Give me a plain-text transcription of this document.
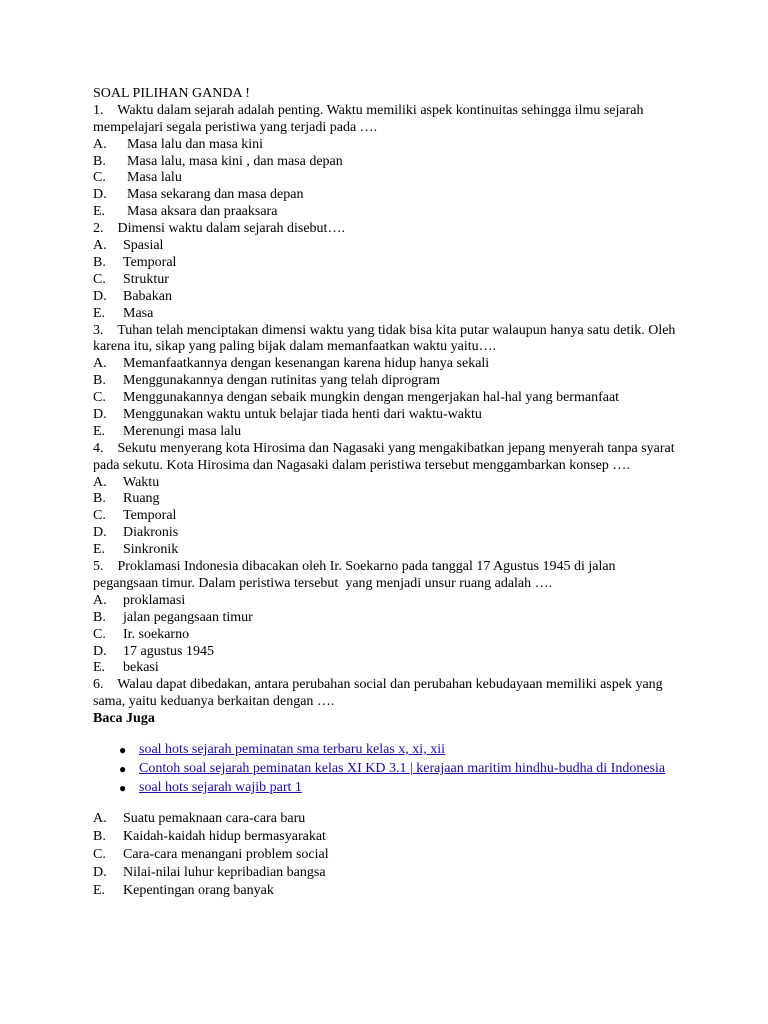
SOAL PILIHAN GANDA !
1. Waktu dalam sejarah adalah penting. Waktu memiliki aspek kontinuitas sehingga ilmu sejarah mempelajari segala peristiwa yang terjadi pada ….
A.	Masa lalu dan masa kini
B.	Masa lalu, masa kini , dan masa depan
C.	Masa lalu
D.	Masa sekarang dan masa depan
E.	Masa aksara dan praaksara
2. Dimensi waktu dalam sejarah disebut….
A.	Spasial
B.	Temporal
C.	Struktur
D.	Babakan
E.	Masa
3. Tuhan telah menciptakan dimensi waktu yang tidak bisa kita putar walaupun hanya satu detik. Oleh karena itu, sikap yang paling bijak dalam memanfaatkan waktu yaitu….
A.	Memanfaatkannya dengan kesenangan karena hidup hanya sekali
B.	Menggunakannya dengan rutinitas yang telah diprogram
C.	Menggunakannya dengan sebaik mungkin dengan mengerjakan hal-hal yang bermanfaat
D.	Menggunakan waktu untuk belajar tiada henti dari waktu-waktu
E.	Merenungi masa lalu
4. Sekutu menyerang kota Hirosima dan Nagasaki yang mengakibatkan jepang menyerah tanpa syarat pada sekutu. Kota Hirosima dan Nagasaki dalam peristiwa tersebut menggambarkan konsep ….
A.	Waktu
B.	Ruang
C.	Temporal
D.	Diakronis
E.	Sinkronik
5. Proklamasi Indonesia dibacakan oleh Ir. Soekarno pada tanggal 17 Agustus 1945 di jalan pegangsaan timur. Dalam peristiwa tersebut  yang menjadi unsur ruang adalah ….
A.	proklamasi
B.	jalan pegangsaan timur
C.	Ir. soekarno
D.	17 agustus 1945
E.	bekasi
6. Walau dapat dibedakan, antara perubahan social dan perubahan kebudayaan memiliki aspek yang sama, yaitu keduanya berkaitan dengan ….
Baca Juga
● soal hots sejarah peminatan sma terbaru kelas x, xi, xii
● Contoh soal sejarah peminatan kelas XI KD 3.1 | kerajaan maritim hindhu-budha di Indonesia
● soal hots sejarah wajib part 1
A.	Suatu pemaknaan cara-cara baru
B.	Kaidah-kaidah hidup bermasyarakat
C.	Cara-cara menangani problem social
D.	Nilai-nilai luhur kepribadian bangsa
E.	Kepentingan orang banyak
